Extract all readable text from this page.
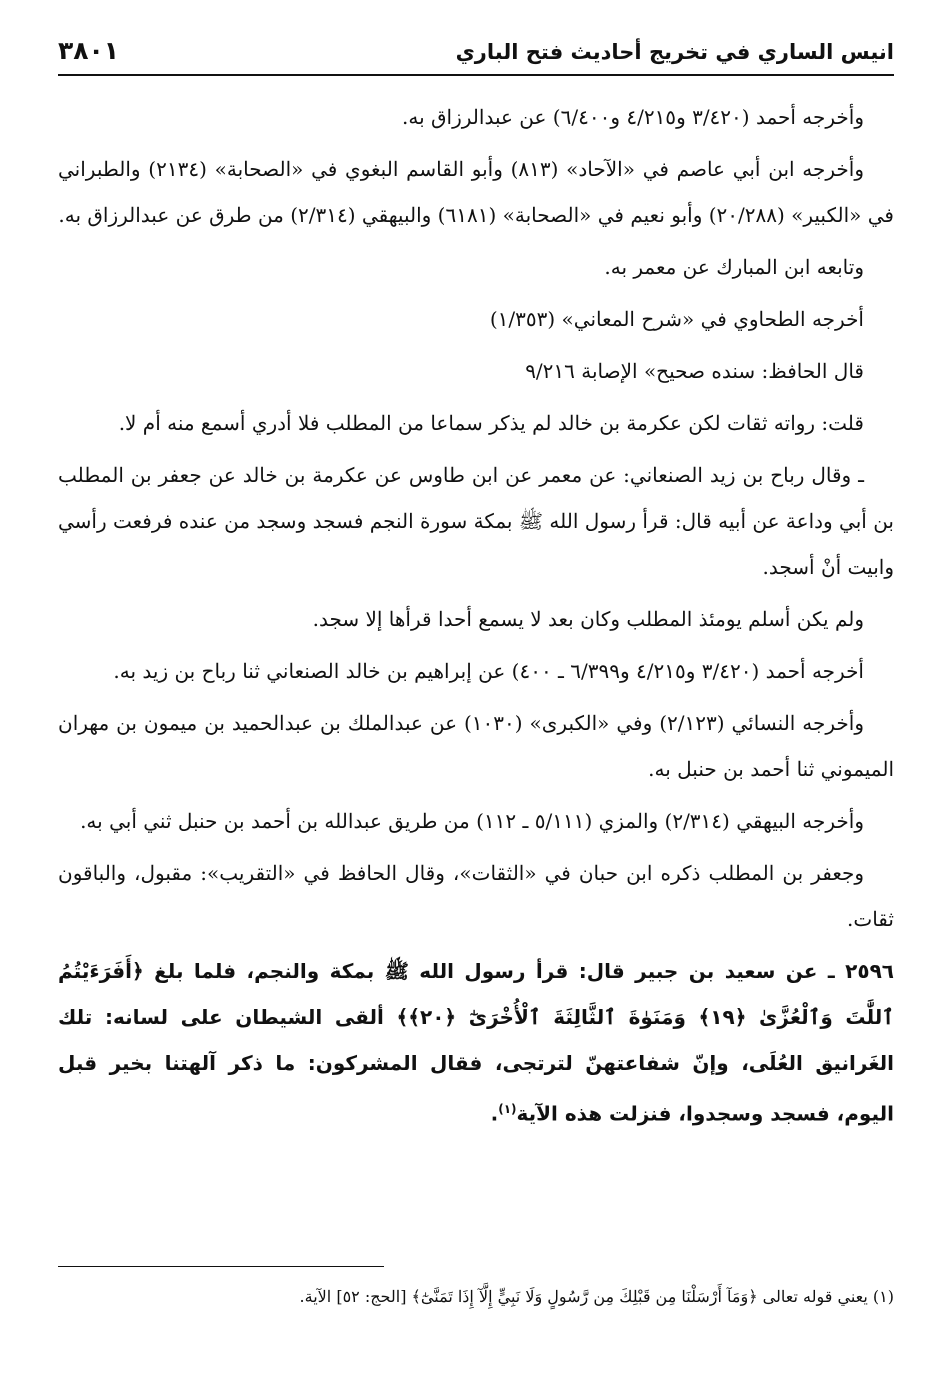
انيس الساري في تخريج أحاديث فتح الباري
٣٨٠١

وأخرجه أحمد (٣/٤٢٠ و٤/٢١٥ و٦/٤٠٠) عن عبدالرزاق به.

وأخرجه ابن أبي عاصم في «الآحاد» (٨١٣) وأبو القاسم البغوي في «الصحابة» (٢١٣٤) والطبراني في «الكبير» (٢٠/٢٨٨) وأبو نعيم في «الصحابة» (٦١٨١) والبيهقي (٢/٣١٤) من طرق عن عبدالرزاق به.

وتابعه ابن المبارك عن معمر به.

أخرجه الطحاوي في «شرح المعاني» (١/٣٥٣)

قال الحافظ: سنده صحيح» الإصابة ٩/٢١٦

قلت: رواته ثقات لكن عكرمة بن خالد لم يذكر سماعا من المطلب فلا أدري أسمع منه أم لا.

ـ وقال رباح بن زيد الصنعاني: عن معمر عن ابن طاوس عن عكرمة بن خالد عن جعفر بن المطلب بن أبي وداعة عن أبيه قال: قرأ رسول الله ﷺ بمكة سورة النجم فسجد وسجد من عنده فرفعت رأسي وابيت أنْ أسجد.

ولم يكن أسلم يومئذ المطلب وكان بعد لا يسمع أحدا قرأها إلا سجد.

أخرجه أحمد (٣/٤٢٠ و٤/٢١٥ و٦/٣٩٩ ـ ٤٠٠) عن إبراهيم بن خالد الصنعاني ثنا رباح بن زيد به.

وأخرجه النسائي (٢/١٢٣) وفي «الكبرى» (١٠٣٠) عن عبدالملك بن عبدالحميد بن ميمون بن مهران الميموني ثنا أحمد بن حنبل به.

وأخرجه البيهقي (٢/٣١٤) والمزي (٥/١١١ ـ ١١٢) من طريق عبدالله بن أحمد بن حنبل ثني أبي به.

وجعفر بن المطلب ذكره ابن حبان في «الثقات»، وقال الحافظ في «التقريب»: مقبول، والباقون ثقات.

٢٥٩٦ ـ عن سعيد بن جبير قال: قرأ رسول الله ﷺ بمكة والنجم، فلما بلغ ﴿أَفَرَءَيْتُمُ ٱللَّٰتَ وَٱلْعُزَّىٰ ﴿١٩﴾ وَمَنَوٰةَ ٱلثَّالِثَةَ ٱلْأُخْرَىٰٓ ﴿٢٠﴾﴾ ألقى الشيطان على لسانه: تلك الغَرانيق العُلَى، وإنّ شفاعتهنّ لترتجى، فقال المشركون: ما ذكر آلهتنا بخير قبل اليوم، فسجد وسجدوا، فنزلت هذه الآية$^{(١)}$.

(١) يعني قوله تعالى ﴿وَمَآ أَرْسَلْنَا مِن قَبْلِكَ مِن رَّسُولٍ وَلَا نَبِيٍّ إِلَّآ إِذَا تَمَنَّىٰٓ﴾ [الحج: ٥٢] الآية.
